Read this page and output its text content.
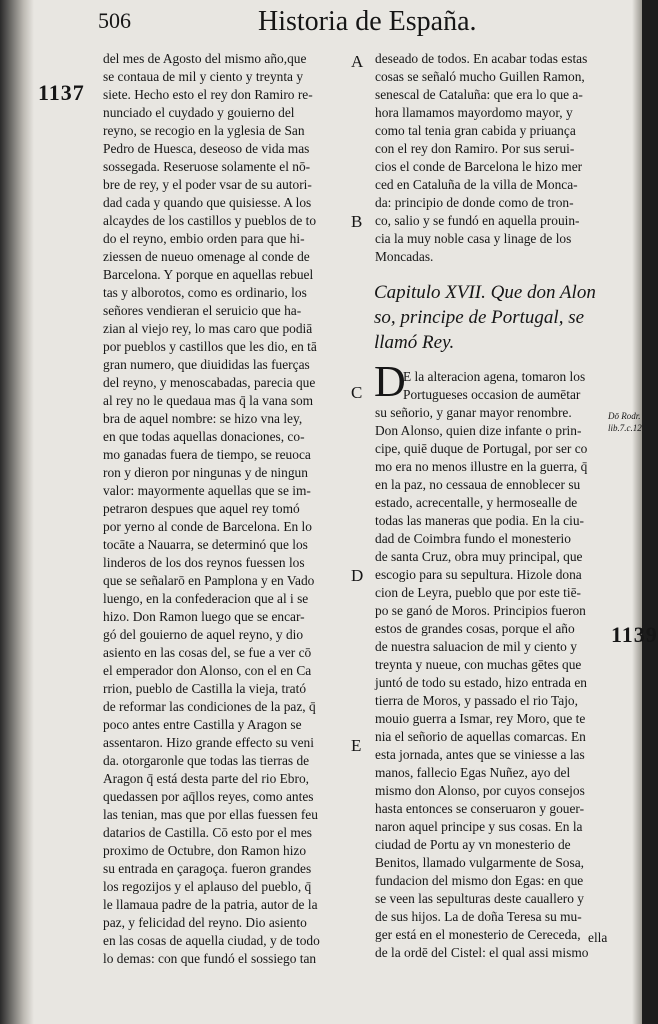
506	Historia de España.
1137
1139
A
B
C
D
E
del mes de Agosto del mismo año,que
se contaua de mil y ciento y treynta y
siete. Hecho esto el rey don Ramiro re-
nunciado el cuydado y gouierno del
reyno, se recogio en la yglesia de San
Pedro de Huesca, deseoso de vida mas
sossegada. Reseruose solamente el nō-
bre de rey, y el poder vsar de su autori-
dad cada y quando que quisiesse. A los
alcaydes de los castillos y pueblos de to
do el reyno, embio orden para que hi-
ziessen de nueuo omenage al conde de
Barcelona. Y porque en aquellas rebuel
tas y alborotos, como es ordinario, los
señores vendieran el seruicio que ha-
zian al viejo rey, lo mas caro que podiā
por pueblos y castillos que les dio, en tā
gran numero, que diuididas las fuerças
del reyno, y menoscabadas, parecia que
al rey no le quedaua mas q̄ la vana som
bra de aquel nombre: se hizo vna ley,
en que todas aquellas donaciones, co-
mo ganadas fuera de tiempo, se reuoca
ron y dieron por ningunas y de ningun
valor: mayormente aquellas que se im-
petraron despues que aquel rey tomó
por yerno al conde de Barcelona. En lo
tocāte a Nauarra, se determinó que los
linderos de los dos reynos fuessen los
que se señalarō en Pamplona y en Vado
luengo, en la confederacion que al i se
hizo. Don Ramon luego que se encar-
gó del gouierno de aquel reyno, y dio
asiento en las cosas del, se fue a ver cō
el emperador don Alonso, con el en Ca
rrion, pueblo de Castilla la vieja, trató
de reformar las condiciones de la paz, q̄
poco antes entre Castilla y Aragon se
assentaron. Hizo grande effecto su veni
da. otorgaronle que todas las tierras de
Aragon q̄ está desta parte del rio Ebro,
quedassen por aq̄llos reyes, como antes
las tenian, mas que por ellas fuessen feu
datarios de Castilla. Cō esto por el mes
proximo de Octubre, don Ramon hizo
su entrada en çaragoça. fueron grandes
los regozijos y el aplauso del pueblo, q̄
le llamaua padre de la patria, autor de la
paz, y felicidad del reyno. Dio asiento
en las cosas de aquella ciudad, y de todo
lo demas: con que fundó el sossiego tan
deseado de todos. En acabar todas estas
cosas se señaló mucho Guillen Ramon,
senescal de Cataluña: que era lo que a-
hora llamamos mayordomo mayor, y
como tal tenia gran cabida y priuança
con el rey don Ramiro. Por sus serui-
cios el conde de Barcelona le hizo mer
ced en Cataluña de la villa de Monca-
da: principio de donde como de tron-
co, salio y se fundó en aquella prouin-
cia la muy noble casa y linage de los
Moncadas.
Capitulo XVII. Que don Alon
so, principe de Portugal, se
llamó Rey.
D
E la alteracion agena, tomaron los
Portugueses occasion de aumētar
su señorio, y ganar mayor renombre.
Don Alonso, quien dize infante o prin-
cipe, quiē duque de Portugal, por ser co
mo era no menos illustre en la guerra, q̄
en la paz, no cessaua de ennoblecer su
estado, acrecentalle, y hermosealle de
todas las maneras que podia. En la ciu-
dad de Coimbra fundo el monesterio
de santa Cruz, obra muy principal, que
escogio para su sepultura. Hizole dona
cion de Leyra, pueblo que por este tiē-
po se ganó de Moros. Principios fueron
estos de grandes cosas, porque el año
de nuestra saluacion de mil y ciento y
treynta y nueue, con muchas gētes que
juntó de todo su estado, hizo entrada en
tierra de Moros, y passado el rio Tajo,
mouio guerra a Ismar, rey Moro, que te
nia el señorio de aquellas comarcas. En
esta jornada, antes que se viniesse a las
manos, fallecio Egas Nuñez, ayo del
mismo don Alonso, por cuyos consejos
hasta entonces se conseruaron y gouer-
naron aquel principe y sus cosas. En la
ciudad de Portu ay vn monesterio de
Benitos, llamado vulgarmente de Sosa,
fundacion del mismo don Egas: en que
se veen las sepulturas deste cauallero y
de sus hijos. La de doña Teresa su mu-
ger está en el monesterio de Cereceda,
de la ordē del Cistel: el qual assi mismo
Dō Rodr.
lib.7.c.12
ella
